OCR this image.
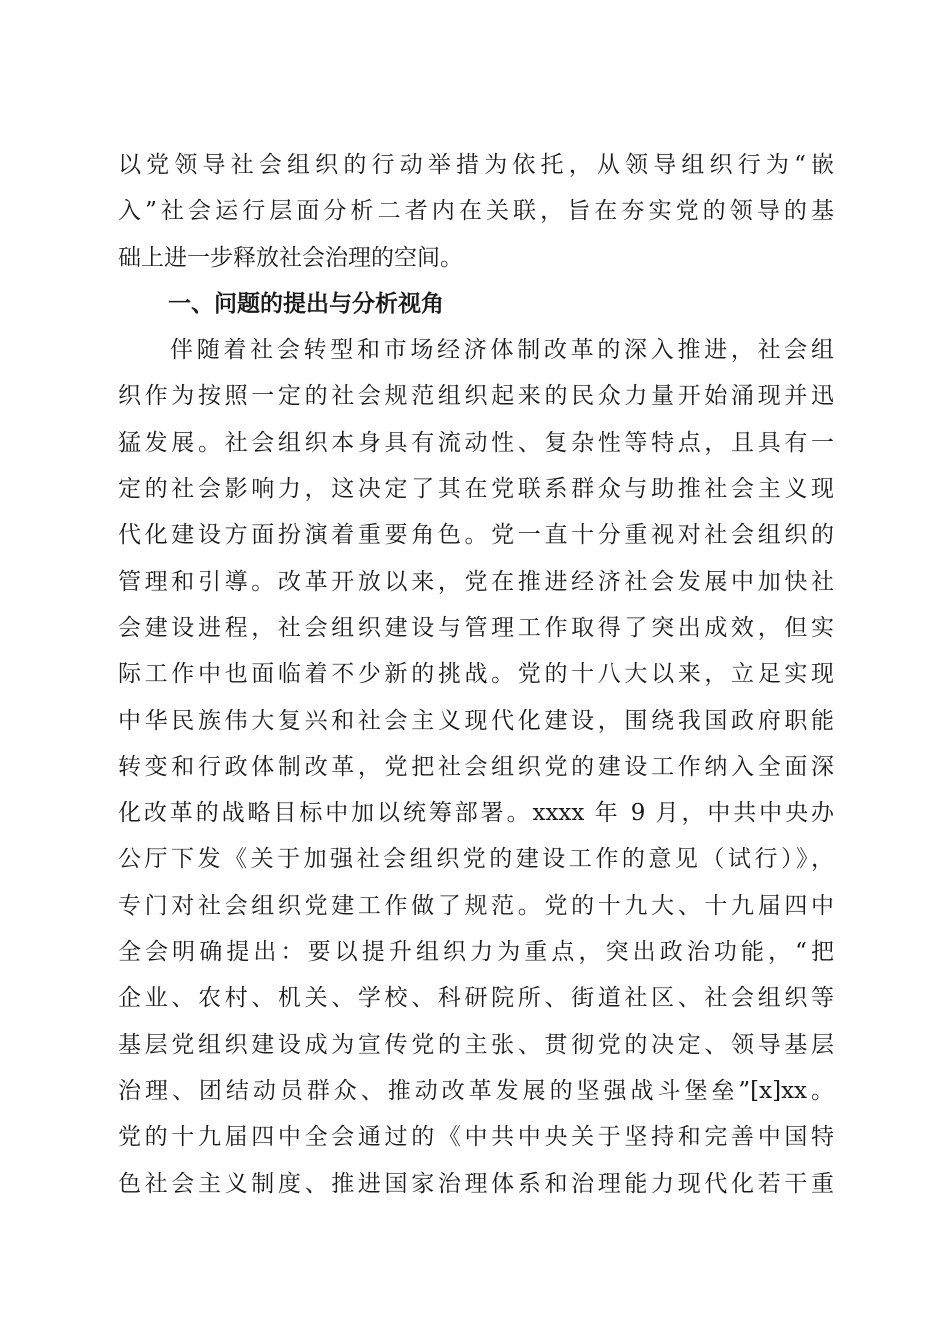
以党领导社会组织的行动举措为依托，从领导组织行为“嵌
入”社会运行层面分析二者内在关联，旨在夯实党的领导的基
础上进一步释放社会治理的空间。
一、问题的提出与分析视角
伴随着社会转型和市场经济体制改革的深入推进，社会组
织作为按照一定的社会规范组织起来的民众力量开始涌现并迅
猛发展。社会组织本身具有流动性、复杂性等特点，且具有一
定的社会影响力，这决定了其在党联系群众与助推社会主义现
代化建设方面扮演着重要角色。党一直十分重视对社会组织的
管理和引導。改革开放以来，党在推进经济社会发展中加快社
会建设进程，社会组织建设与管理工作取得了突出成效，但实
际工作中也面临着不少新的挑战。党的十八大以来，立足实现
中华民族伟大复兴和社会主义现代化建设，围绕我国政府职能
转变和行政体制改革，党把社会组织党的建设工作纳入全面深
化改革的战略目标中加以统筹部署。xxxx 年 9 月，中共中央办
公厅下发《关于加强社会组织党的建设工作的意见（试行）》，
专门对社会组织党建工作做了规范。党的十九大、十九届四中
全会明确提出：要以提升组织力为重点，突出政治功能，“把
企业、农村、机关、学校、科研院所、街道社区、社会组织等
基层党组织建设成为宣传党的主张、贯彻党的决定、领导基层
治理、团结动员群众、推动改革发展的坚强战斗堡垒”[x]xx。
党的十九届四中全会通过的《中共中央关于坚持和完善中国特
色社会主义制度、推进国家治理体系和治理能力现代化若干重
